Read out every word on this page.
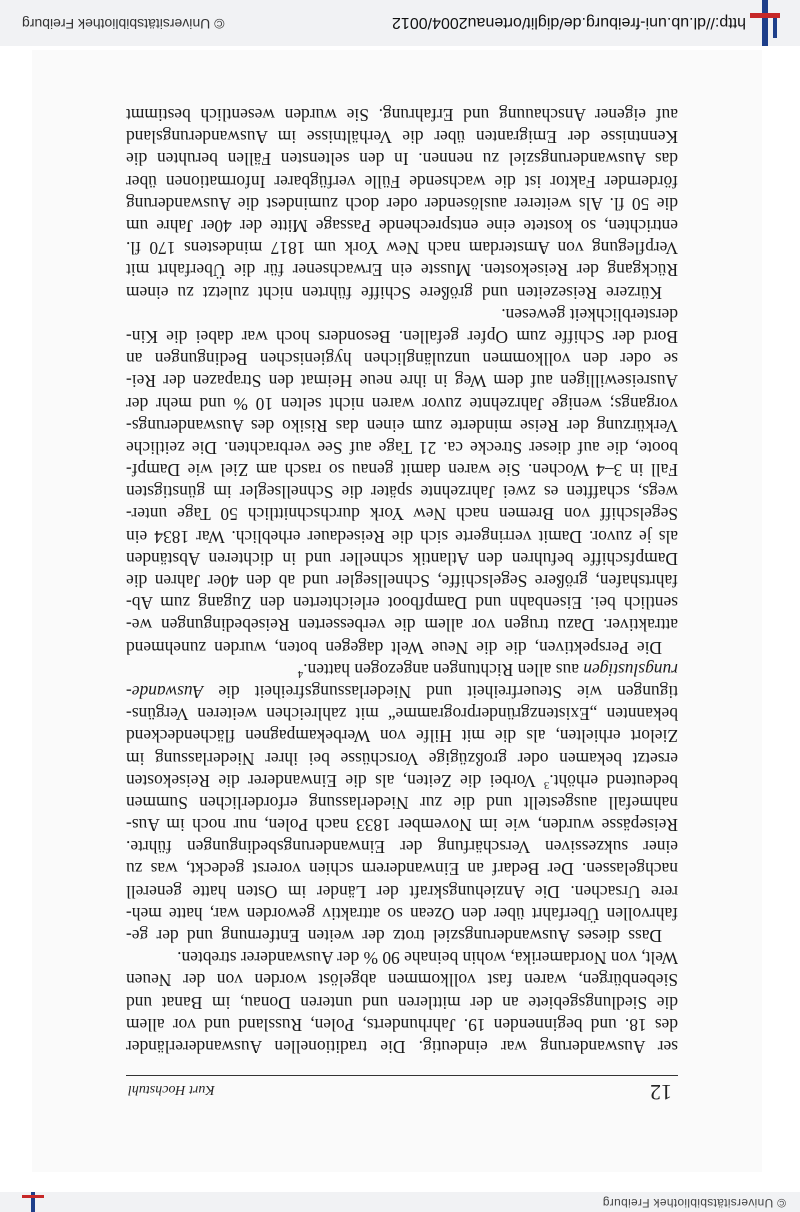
© Universitätsbibliothek Freiburg
12
Kurt Hochstuhl
ser Auswanderung war eindeutig. Die traditionellen Auswandererländer
des 18. und beginnenden 19. Jahrhunderts, Polen, Russland und vor allem
die Siedlungsgebiete an der mittleren und unteren Donau, im Banat und
Siebenbürgen, waren fast vollkommen abgelöst worden von der Neuen
Welt, von Nordamerika, wohin beinahe 90 % der Auswanderer strebten.
Dass dieses Auswanderungsziel trotz der weiten Entfernung und der ge-
fahrvollen Überfahrt über den Ozean so attraktiv geworden war, hatte meh-
rere Ursachen. Die Anziehungskraft der Länder im Osten hatte generell
nachgelassen. Der Bedarf an Einwanderern schien vorerst gedeckt, was zu
einer sukzessiven Verschärfung der Einwanderungsbedingungen führte.
Reisepässe wurden, wie im November 1833 nach Polen, nur noch im Aus-
nahmefall ausgestellt und die zur Niederlassung erforderlichen Summen
bedeutend erhöht.$^3$ Vorbei die Zeiten, als die Einwanderer die Reisekosten
ersetzt bekamen oder großzügige Vorschüsse bei ihrer Niederlassung im
Zielort erhielten, als die mit Hilfe von Werbekampagnen flächendeckend
bekannten „Existenzgründerprogramme“ mit zahlreichen weiteren Vergüns-
tigungen wie Steuerfreiheit und Niederlassungsfreiheit die Auswande-
rungslustigen aus allen Richtungen angezogen hatten.$^4$
Die Perspektiven, die die Neue Welt dagegen boten, wurden zunehmend
attraktiver. Dazu trugen vor allem die verbesserten Reisebedingungen we-
sentlich bei. Eisenbahn und Dampfboot erleichterten den Zugang zum Ab-
fahrtshafen, größere Segelschiffe, Schnellsegler und ab den 40er Jahren die
Dampfschiffe befuhren den Atlantik schneller und in dichteren Abständen
als je zuvor. Damit verringerte sich die Reisedauer erheblich. War 1834 ein
Segelschiff von Bremen nach New York durchschnittlich 50 Tage unter-
wegs, schafften es zwei Jahrzehnte später die Schnellsegler im günstigsten
Fall in 3–4 Wochen. Sie waren damit genau so rasch am Ziel wie Dampf-
boote, die auf dieser Strecke ca. 21 Tage auf See verbrachten. Die zeitliche
Verkürzung der Reise minderte zum einen das Risiko des Auswanderungs-
vorgangs; wenige Jahrzehnte zuvor waren nicht selten 10 % und mehr der
Ausreisewilligen auf dem Weg in ihre neue Heimat den Strapazen der Rei-
se oder den vollkommen unzulänglichen hygienischen Bedingungen an
Bord der Schiffe zum Opfer gefallen. Besonders hoch war dabei die Kin-
dersterblichkeit gewesen.
Kürzere Reisezeiten und größere Schiffe führten nicht zuletzt zu einem
Rückgang der Reisekosten. Musste ein Erwachsener für die Überfahrt mit
Verpflegung von Amsterdam nach New York um 1817 mindestens 170 fl.
entrichten, so kostete eine entsprechende Passage Mitte der 40er Jahre um
die 50 fl. Als weiterer auslösender oder doch zumindest die Auswanderung
fördernder Faktor ist die wachsende Fülle verfügbarer Informationen über
das Auswanderungsziel zu nennen. In den seltensten Fällen beruhten die
Kenntnisse der Emigranten über die Verhältnisse im Auswanderungsland
auf eigener Anschauung und Erfahrung. Sie wurden wesentlich bestimmt
© Universitätsbibliothek Freiburg	http://dl.ub.uni-freiburg.de/diglit/ortenau2004/0012
